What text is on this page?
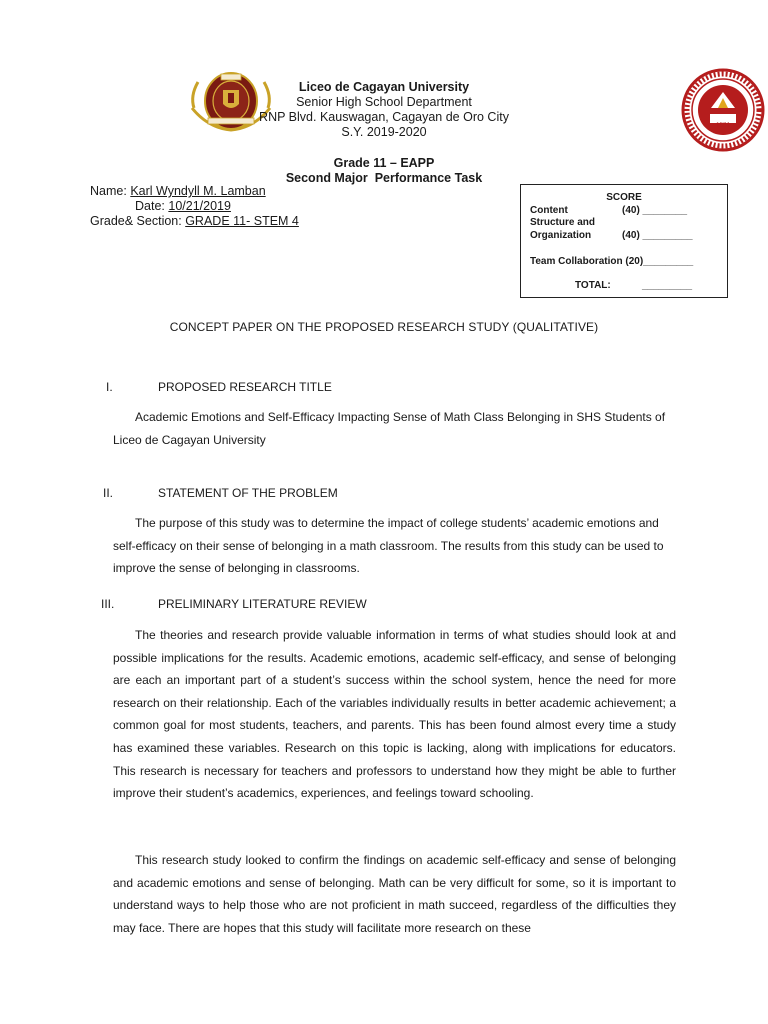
1981
Liceo de Cagayan University
Senior High School Department
RNP Blvd. Kauswagan, Cagayan de Oro City
S.Y. 2019-2020
Grade 11 – EAPP
Second Major  Performance Task
Name: Karl Wyndyll M. Lamban
Date: 10/21/2019
Grade& Section: GRADE 11- STEM 4
SCORE
Content	(40) ________
Structure and
Organization	(40) _________
Team Collaboration (20)_________
TOTAL:	_________
CONCEPT PAPER ON THE PROPOSED RESEARCH STUDY (QUALITATIVE)
I.	PROPOSED RESEARCH TITLE
Academic Emotions and Self-Efficacy Impacting Sense of Math Class Belonging in SHS Students of Liceo de Cagayan University
II.	STATEMENT OF THE PROBLEM
The purpose of this study was to determine the impact of college students’ academic emotions and self-efficacy on their sense of belonging in a math classroom. The results from this study can be used to improve the sense of belonging in classrooms.
III.	PRELIMINARY LITERATURE REVIEW
The theories and research provide valuable information in terms of what studies should look at and possible implications for the results. Academic emotions, academic self-efficacy, and sense of belonging are each an important part of a student’s success within the school system, hence the need for more research on their relationship. Each of the variables individually results in better academic achievement; a common goal for most students, teachers, and parents. This has been found almost every time a study has examined these variables. Research on this topic is lacking, along with implications for educators. This research is necessary for teachers and professors to understand how they might be able to further improve their student’s academics, experiences, and feelings toward schooling.
This research study looked to confirm the findings on academic self-efficacy and sense of belonging and academic emotions and sense of belonging. Math can be very difficult for some, so it is important to understand ways to help those who are not proficient in math succeed, regardless of the difficulties they may face. There are hopes that this study will facilitate more research on these
